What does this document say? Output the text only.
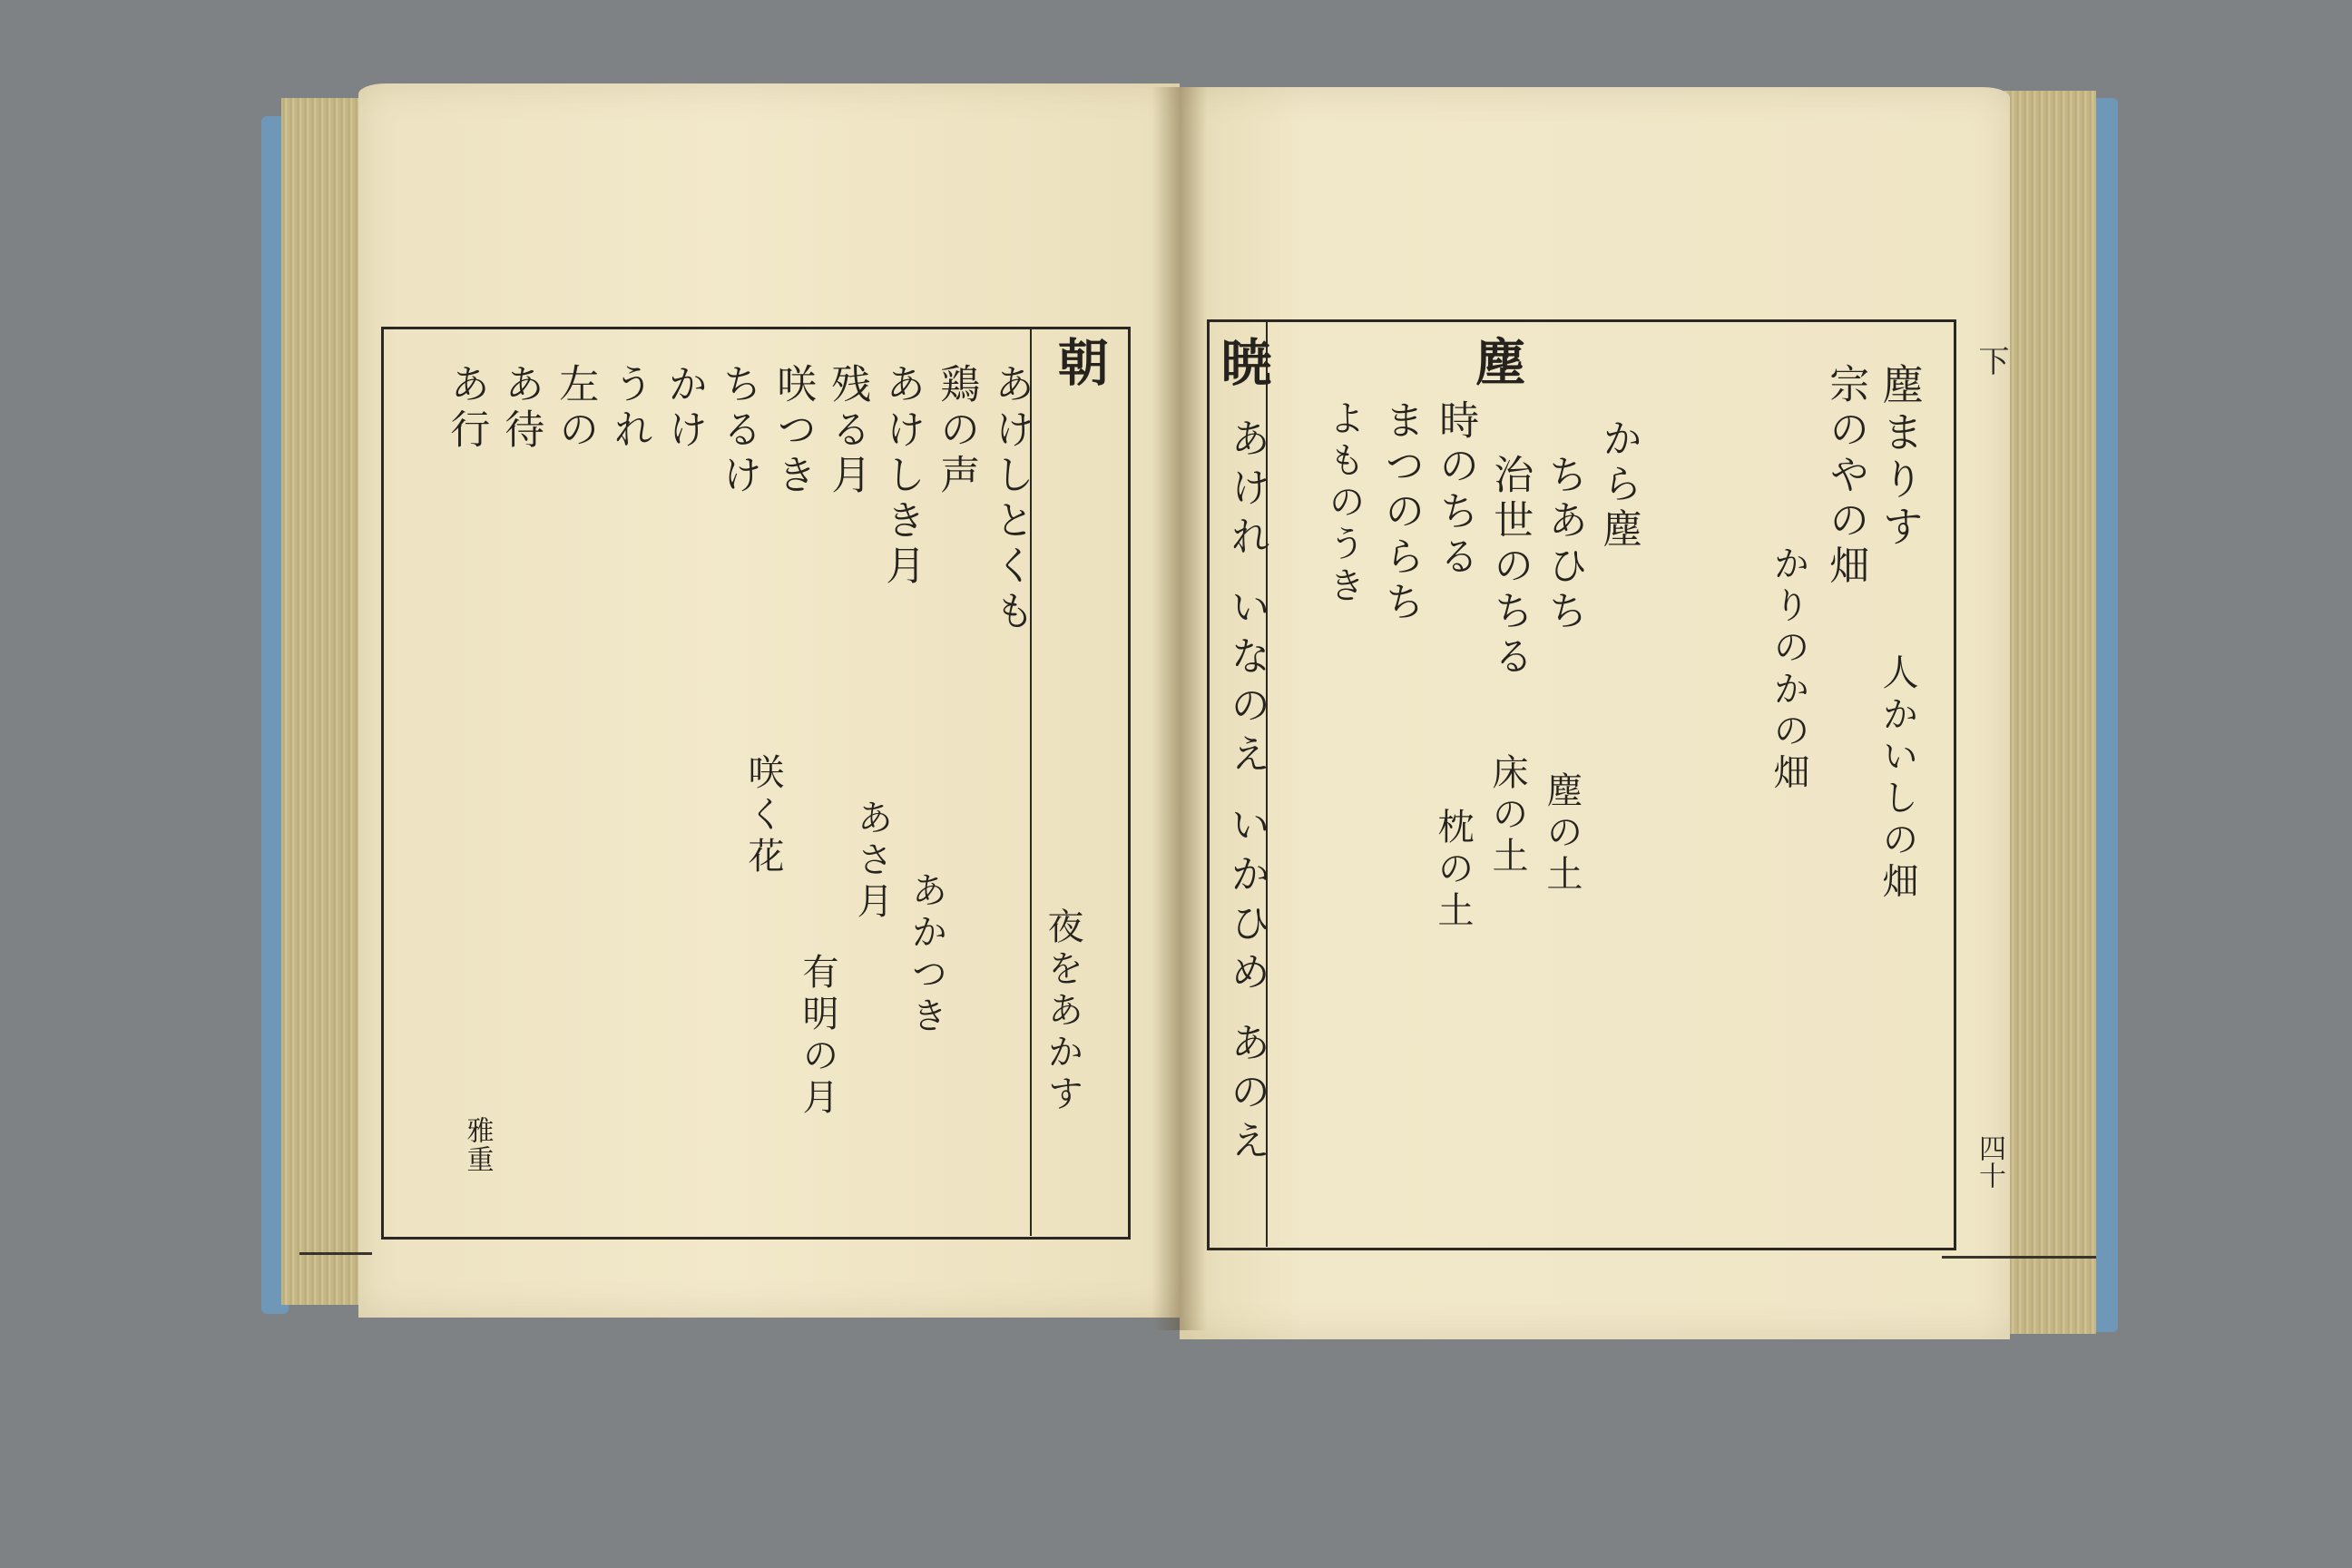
朝
あけしとくも
鶏の声
あけしき月
残る月
咲つき
ちるけ
かけ
うれ
左の
あ待
あ行
夜をあかす
あかつき
あさ月
咲く花
有明の月
雅重
暁	塵	下
四十
あけれ いなのえ いかひめ あのえ よものうき まつのらち 時のちる 治世のちる ちあひち から塵	宗のやの畑 塵まりす
塵の土
床の土
枕の土	人かいしの畑
かりのかの畑
